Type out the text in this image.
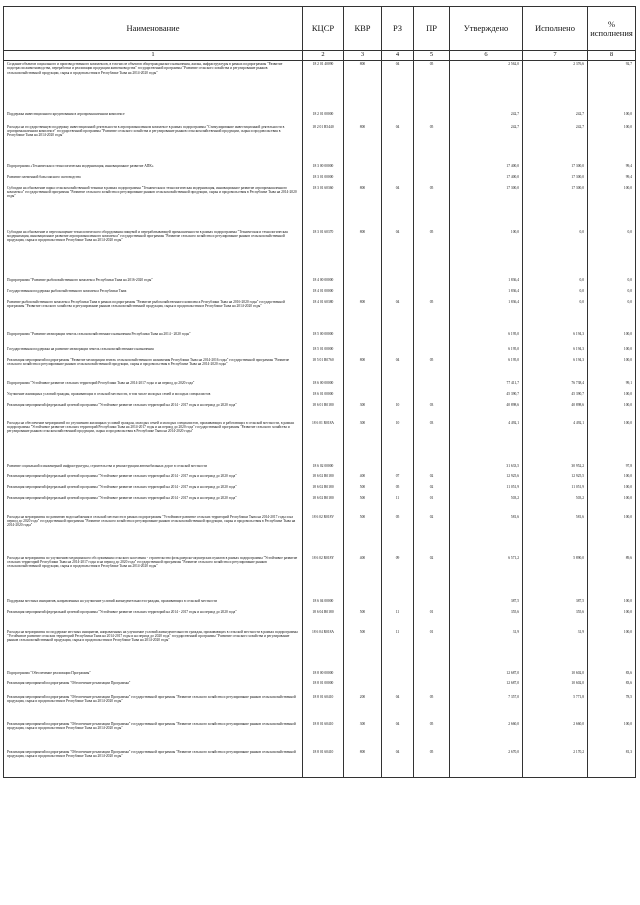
Наименование	КЦСР	КВР	РЗ	ПР	Утверждено	Исполнено	% исполнения
1	2	3	4	5	6	7	8
Создание объектов социального и производственного комплексов, в том числе объектов общегражданского назначения, жилья, инфраструктуры в рамках подпрограммы "Развитие подотрасли животноводства, переработки и реализации продукции животноводства" государственной программы "Развитие сельского хозяйства и регулирование рынков сельскохозяйственной продукции, сырья и продовольствия в Республике Тыва на 2014-2020 годы"	18 2 01 40090	800	04	05	2 562,0	2 376,6	92,7
Поддержка инвестиционного кредитования в агропромышленном комплексе	18 2 01 00000				242,7	242,7	100,0
Расходы на государственную поддержку инвестиционной деятельности в агропромышленном комплексе в рамках подпрограммы "Стимулирование инвестиционной деятельности в агропромышленном комплексе" государственной программы "Развитие сельского хозяйства и регулирование рынков сельскохозяйственной продукции, сырья и продовольствия в Республике Тыва на 2014-2020 годы"	18 2 01 R5440	800	04	05	242,7	242,7	100,0
Подпрограмма «Техническая и технологическая модернизация, инновационное развитие АПК»	18 3 00 00000				17 400,0	17 300,0	99,4
Развитие племенной базы мясного скотоводства	18 3 01 00000				17 400,0	17 300,0	99,4
Субсидии на обновление парка сельскохозяйственной техники в рамках подпрограммы "Техническая и технологическая модернизация, инновационное развитие агропромышленного комплекса" государственной программы "Развитие сельского хозяйства и регулирование рынков сельскохозяйственной продукции, сырья и продовольствия в Республике Тыва на 2014-2020 годы"	18 3 01 60360	800	04	05	17 300,0	17 300,0	100,0
Субсидии на обновление и переоснащение технологического оборудования пищевой и перерабатывающей промышленности в рамках подпрограммы "Техническая и технологическая модернизация, инновационное развитие агропромышленного комплекса" государственной программы "Развитие сельского хозяйства и регулирование рынков сельскохозяйственной продукции, сырья и продовольствия в Республике Тыва на 2014-2020 годы"	18 3 01 60370	800	04	05	100,0	0,0	0,0
Подпрограмма "Развитие рыбохозяйственного комплекса Республики Тыва на 2016-2020 годы"	18 4 00 00000				1 836,4	0,0	0,0
Государственная поддержка рыбохозяйственного комплекса Республики Тыва	18 4 01 00000				1 836,4	0,0	0,0
Развитие рыбохозяйственного комплекса Республики Тыва в рамках подпрограммы "Развитие рыбохозяйственного комплекса Республики Тыва на 2016-2020 годы" государственной программы "Развитие сельского хозяйства и регулирование рынков сельскохозяйственной продукции, сырья и продовольствия в Республике Тыва на 2014-2020 годы"	18 4 01 60380	800	04	05	1 836,4	0,0	0,0
Подпрограмма "Развитие мелиорации земель сельскохозяйственного назначения Республики Тыва на 2014 - 2020 годы"	18 5 00 00000				6 195,0	6 194,3	100,0
Государственная поддержка на развитие мелиорации земель сельскохозяйственного назначения	18 5 01 00000				6 195,0	6 194,3	100,0
Реализация мероприятий подпрограммы "Развитие мелиорации земель сельскохозяйственного назначения Республики Тыва на 2014-2016 годы" государственной программы "Развитие сельского хозяйства и регулирование рынков сельскохозяйственной продукции, сырья и продовольствия в Республике Тыва на 2014-2020 годы"	18 5 01 R0760	800	04	05	6 195,0	6 194,3	100,0
Подпрограмма "Устойчивое развитие сельских территорий Республики Тыва на 2014-2017 годы и на период до 2020 года"	18 6 00 00000				77 411,7	76 738,4	99,1
Улучшение жилищных условий граждан, проживающих в сельской местности, в том числе молодых семей и молодых специалистов	18 6 01 00000				45 390,7	45 390,7	100,0
Реализация мероприятий федеральной целевой программы "Устойчивое развитие сельских территорий на 2014 - 2017 годы и на период до 2020 года"	18 6 01 R0180	300	10	03	40 898,6	40 898,6	100,0
Расходы на обеспечение мероприятий по улучшению жилищных условий граждан, молодых семей и молодых специалистов, проживающих и работающих в сельской местности, в рамках подпрограммы "Устойчивое развитие сельских территорий Республики Тыва на 2014-2017 годы и на период до 2020 года" государственной программы "Развитие сельского хозяйства и регулирование рынков сельскохозяйственной продукции, сырья и продовольствия в Республике Тыва на 2014-2020 годы"	18 6 01 R018A	300	10	03	4 492,1	4 492,1	100,0
Развитие социальной и инженерной инфраструктуры, строительства и реконструкции автомобильных дорог в сельской местности	18 6 02 00000				31 633,5	30 952,2	97,8
Реализация мероприятий федеральной целевой программы "Устойчивое развитие сельских территорий на 2014 - 2017 годы и на период до 2020 года"	18 6 02 R0180	400	07	02	12 925,6	12 925,5	100,0
Реализация мероприятий федеральной целевой программы "Устойчивое развитие сельских территорий на 2014 - 2017 годы и на период до 2020 года"	18 6 02 R0180	500	05	02	11 051,9	11 051,9	100,0
Реализация мероприятий федеральной целевой программы "Устойчивое развитие сельских территорий на 2014 - 2017 годы и на период до 2020 года"	18 6 02 R0180	500	11	01	503,2	503,2	100,0
Расходы на мероприятия по развитию водоснабжения в сельской местности в рамках подпрограммы "Устойчивое развитие сельских территорий Республики Тыва на 2014-2017 годы и на период до 2020 года" государственной программы "Развитие сельского хозяйства и регулирование рынков сельскохозяйственной продукции, сырья и продовольствия в Республике Тыва на 2014-2020 годы"	18 6 02 R018V	500	05	02	581,6	581,6	100,0
Расходы на мероприятия по улучшению медицинского обслуживания сельского населения - строительство фельдшерско-акушерских пунктов в рамках подпрограммы "Устойчивое развитие сельских территорий Республики Тыва на 2014-2017 годы и на период до 2020 года" государственной программы "Развитие сельского хозяйства и регулирование рынков сельскохозяйственной продукции, сырья и продовольствия в Республике Тыва на 2014-2020 годы"	18 6 02 R018Y	400	09	02	6 571,2	5 890,0	89,6
Поддержка местных инициатив, направленных на улучшение условий жизнедеятельности граждан, проживающих в сельской местности	18 6 04 00000				387,5	387,5	100,0
Реализация мероприятий федеральной целевой программы "Устойчивое развитие сельских территорий на 2014 - 2017 годы и на период до 2020 года"	18 6 04 R0180	500	11	01	355,6	355,6	100,0
Расходы на мероприятия по поддержке местных инициатив, направленных на улучшение условий жизнедеятельности граждан, проживающих в сельской местности в рамках подпрограммы "Устойчивое развитие сельских территорий Республики Тыва на 2014-2017 годы и на период до 2020 года" государственной программы "Развитие сельского хозяйства и регулирование рынков сельскохозяйственной продукции, сырья и продовольствия в Республике Тыва на 2014-2020 годы"	18 6 04 R018A	500	11	01	31,9	31,9	100,0
Подпрограмма "Обеспечение реализации Программы"	18 8 00 00000				12 687,0	10 602,0	83,6
Реализация мероприятий подпрограммы "Обеспечение реализации Программы"	18 8 01 00000				12 687,0	10 602,0	83,6
Реализация мероприятий подпрограммы "Обеспечение реализации Программы" государственной программы "Развитие сельского хозяйства и регулирование рынков сельскохозяйственной продукции, сырья и продовольствия в Республике Тыва на 2014-2020 годы"	18 8 01 60410	200	04	05	7 357,0	5 771,8	78,5
Реализация мероприятий подпрограммы "Обеспечение реализации Программы" государственной программы "Развитие сельского хозяйства и регулирование рынков сельскохозяйственной продукции, сырья и продовольствия в Республике Тыва на 2014-2020 годы"	18 8 01 60410	300	04	05	2 660,0	2 660,0	100,0
Реализация мероприятий подпрограммы "Обеспечение реализации Программы" государственной программы "Развитие сельского хозяйства и регулирование рынков сельскохозяйственной продукции, сырья и продовольствия в Республике Тыва на 2014-2020 годы"	18 8 01 60410	800	04	05	2 670,0	2 170,2	81,3
